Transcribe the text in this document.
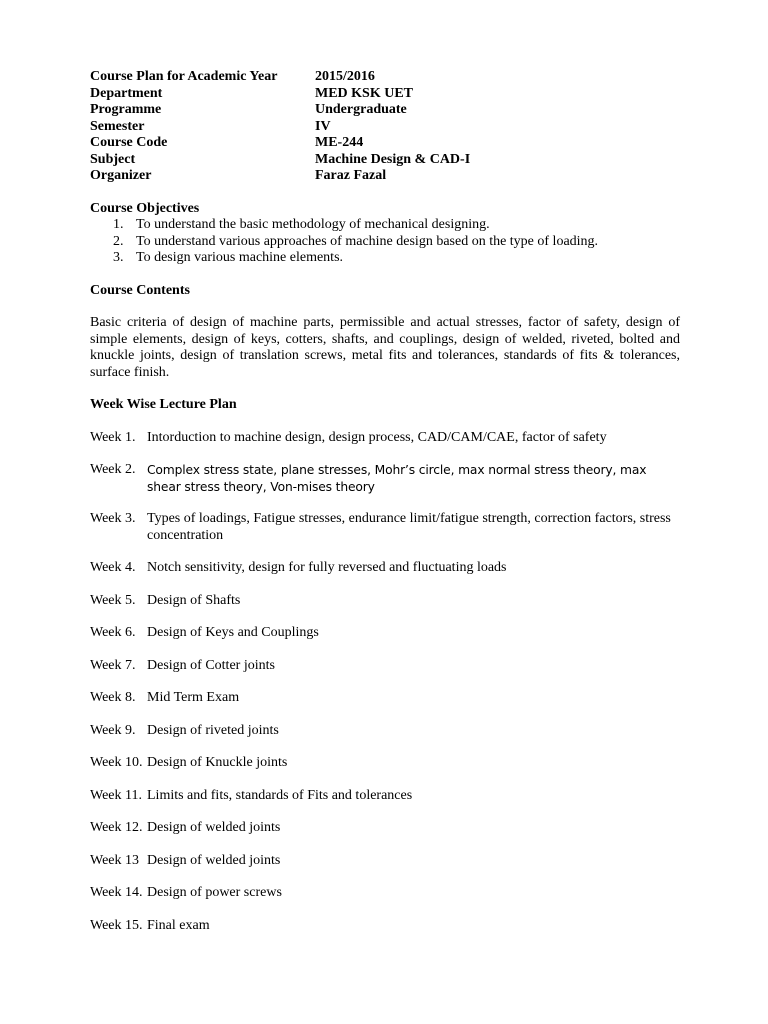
Course Plan for Academic Year	2015/2016
Department	MED KSK UET
Programme	Undergraduate
Semester	IV
Course Code	ME-244
Subject	Machine Design & CAD-I
Organizer	Faraz Fazal
Course Objectives
1. To understand the basic methodology of mechanical designing.
2. To understand various approaches of machine design based on the type of loading.
3. To design various machine elements.
Course Contents

Basic criteria of design of machine parts, permissible and actual stresses, factor of safety, design of simple elements, design of keys, cotters, shafts, and couplings, design of welded, riveted, bolted and knuckle joints, design of translation screws, metal fits and tolerances, standards of fits & tolerances, surface finish.

Week Wise Lecture Plan
Week 1. Intorduction to machine design, design process, CAD/CAM/CAE, factor of safety
Week 2. Complex stress state, plane stresses, Mohr’s circle, max normal stress theory, max shear stress theory, Von-mises theory
Week 3. Types of loadings, Fatigue stresses, endurance limit/fatigue strength, correction factors, stress concentration
Week 4. Notch sensitivity, design for fully reversed and fluctuating loads
Week 5. Design of Shafts
Week 6. Design of Keys and Couplings
Week 7. Design of Cotter joints
Week 8. Mid Term Exam
Week 9. Design of riveted joints
Week 10. Design of Knuckle joints
Week 11. Limits and fits, standards of Fits and tolerances
Week 12. Design of welded joints
Week 13 Design of welded joints
Week 14. Design of power screws
Week 15. Final exam
